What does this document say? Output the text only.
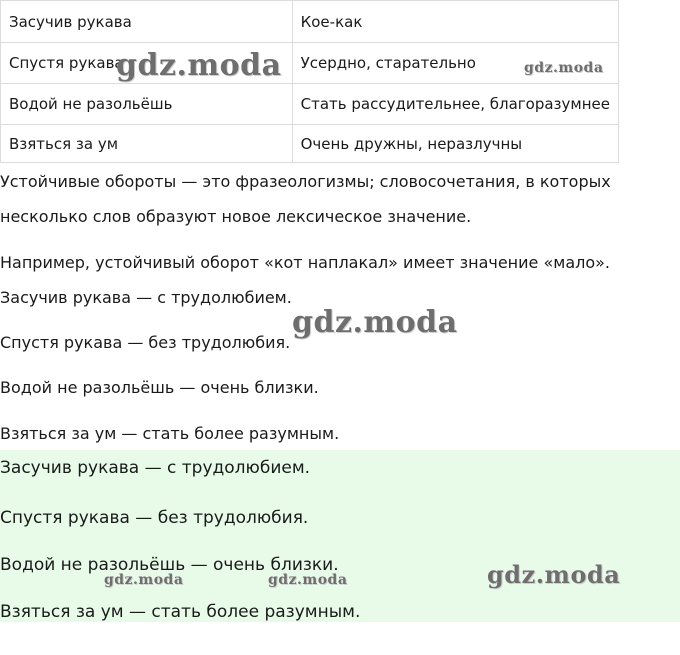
Засучив рукава	Кое-как
Спустя рукава	Усердно, старательно
Водой не разольёшь	Стать рассудительнее, благоразумнее
Взяться за ум	Очень дружны, неразлучны

Устойчивые обороты — это фразеологизмы; словосочетания, в которых

несколько слов образуют новое лексическое значение.

Например, устойчивый оборот «кот наплакал» имеет значение «мало».

Засучив рукава — с трудолюбием.

Спустя рукава — без трудолюбия.

Водой не разольёшь — очень близки.

Взяться за ум — стать более разумным.

Засучив рукава — с трудолюбием.

Спустя рукава — без трудолюбия.

Водой не разольёшь — очень близки.

Взяться за ум — стать более разумным.

gdz.moda	gdz.moda
gdz.moda
gdz.moda	gdz.moda	gdz.moda
